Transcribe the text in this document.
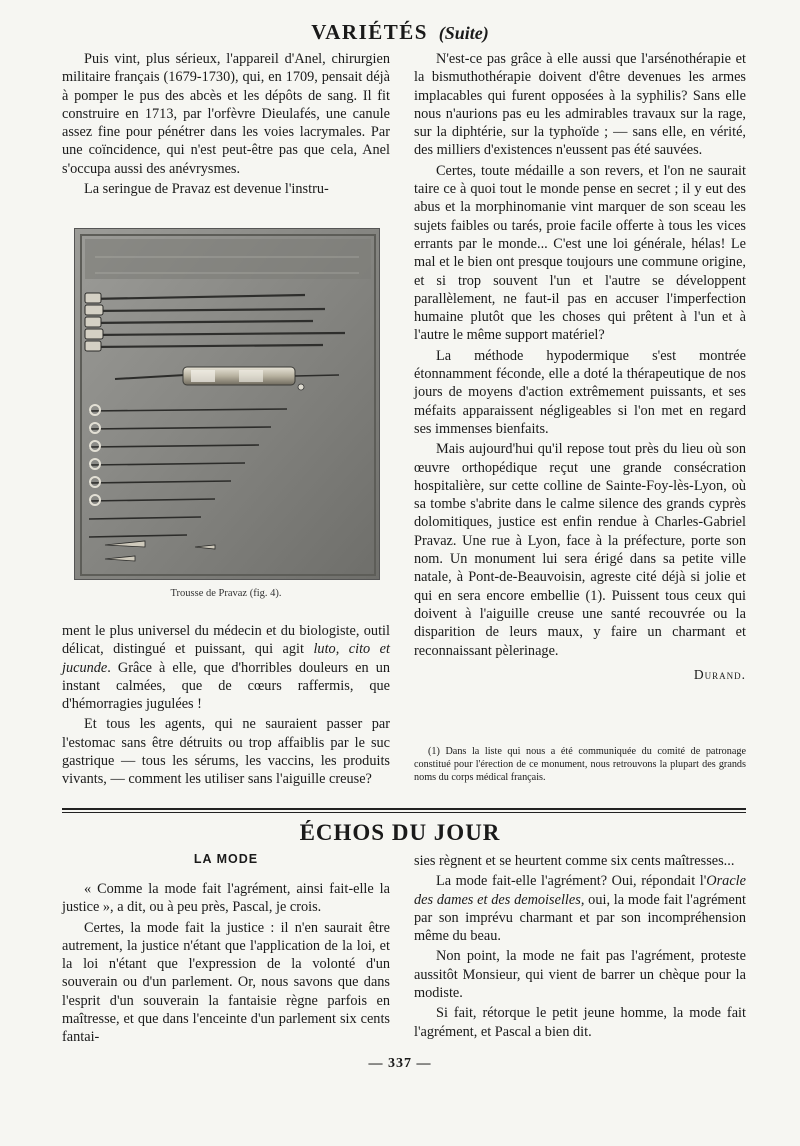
VARIÉTÉS (Suite)

Puis vint, plus sérieux, l'appareil d'Anel, chirurgien militaire français (1679-1730), qui, en 1709, pensait déjà à pomper le pus des abcès et les dépôts de sang. Il fit construire en 1713, par l'orfèvre Dieulafés, une canule assez fine pour pénétrer dans les voies lacrymales. Par une coïncidence, qui n'est peut-être pas que cela, Anel s'occupa aussi des anévrysmes.

La seringue de Pravaz est devenue l'instru-

Trousse de Pravaz (fig. 4).

ment le plus universel du médecin et du biologiste, outil délicat, distingué et puissant, qui agit luto, cito et jucunde. Grâce à elle, que d'horribles douleurs en un instant calmées, que de cœurs raffermis, que d'hémorragies jugulées !

Et tous les agents, qui ne sauraient passer par l'estomac sans être détruits ou trop affaiblis par le suc gastrique — tous les sérums, les vaccins, les produits vivants, — comment les utiliser sans l'aiguille creuse?

N'est-ce pas grâce à elle aussi que l'arsénothérapie et la bismuthothérapie doivent d'être devenues les armes implacables qui furent opposées à la syphilis? Sans elle nous n'aurions pas eu les admirables travaux sur la rage, sur la diphtérie, sur la typhoïde ; — sans elle, en vérité, des milliers d'existences n'eussent pas été sauvées.

Certes, toute médaille a son revers, et l'on ne saurait taire ce à quoi tout le monde pense en secret ; il y eut des abus et la morphinomanie vint marquer de son sceau les sujets faibles ou tarés, proie facile offerte à tous les vices errants par le monde... C'est une loi générale, hélas! Le mal et le bien ont presque toujours une commune origine, et si trop souvent l'un et l'autre se développent parallèlement, ne faut-il pas en accuser l'imperfection humaine plutôt que les choses qui prêtent à l'un et à l'autre le même support matériel?

La méthode hypodermique s'est montrée étonnamment féconde, elle a doté la thérapeutique de nos jours de moyens d'action extrêmement puissants, et ses méfaits apparaissent négligeables si l'on met en regard ses immenses bienfaits.

Mais aujourd'hui qu'il repose tout près du lieu où son œuvre orthopédique reçut une grande consécration hospitalière, sur cette colline de Sainte-Foy-lès-Lyon, où sa tombe s'abrite dans le calme silence des grands cyprès dolomitiques, justice est enfin rendue à Charles-Gabriel Pravaz. Une rue à Lyon, face à la préfecture, porte son nom. Un monument lui sera érigé dans sa petite ville natale, à Pont-de-Beauvoisin, agreste cité déjà si jolie et qui en sera encore embellie (1). Puissent tous ceux qui doivent à l'aiguille creuse une santé recouvrée ou la disparition de leurs maux, y faire un charmant et reconnaissant pèlerinage.

Durand.

(1) Dans la liste qui nous a été communiquée du comité de patronage constitué pour l'érection de ce monument, nous retrouvons la plupart des grands noms du corps médical français.

ÉCHOS DU JOUR
LA MODE

« Comme la mode fait l'agrément, ainsi fait-elle la justice », a dit, ou à peu près, Pascal, je crois.

Certes, la mode fait la justice : il n'en saurait être autrement, la justice n'étant que l'application de la loi, et la loi n'étant que l'expression de la volonté d'un souverain ou d'un parlement. Or, nous savons que dans l'esprit d'un souverain la fantaisie règne parfois en maîtresse, et que dans l'enceinte d'un parlement six cents fantai-

sies règnent et se heurtent comme six cents maîtresses...

La mode fait-elle l'agrément? Oui, répondait l'Oracle des dames et des demoiselles, oui, la mode fait l'agrément par son imprévu charmant et par son incompréhension même du beau.

Non point, la mode ne fait pas l'agrément, proteste aussitôt Monsieur, qui vient de barrer un chèque pour la modiste.

Si fait, rétorque le petit jeune homme, la mode fait l'agrément, et Pascal a bien dit.

— 337 —
